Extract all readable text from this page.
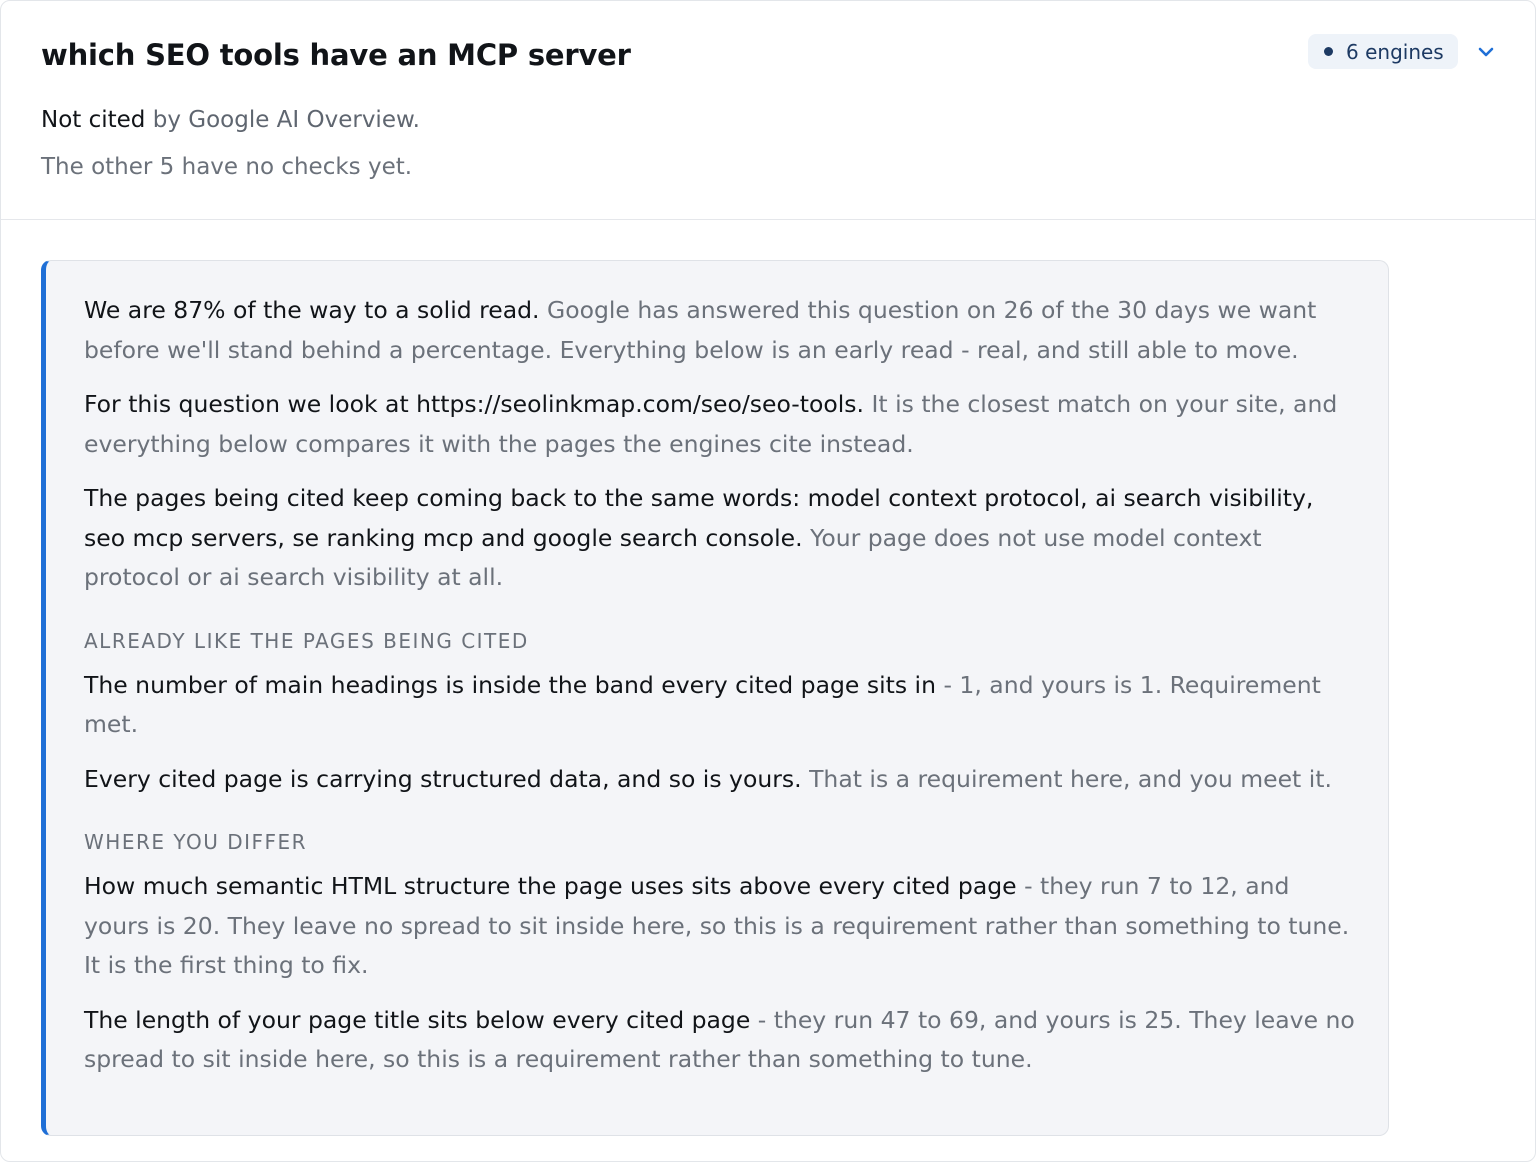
which SEO tools have an MCP server	6 engines
Not cited by Google AI Overview.
The other 5 have no checks yet.

We are 87% of the way to a solid read. Google has answered this question on 26 of the 30 days we want before we'll stand behind a percentage. Everything below is an early read - real, and still able to move.

For this question we look at https://seolinkmap.com/seo/seo-tools. It is the closest match on your site, and everything below compares it with the pages the engines cite instead.

The pages being cited keep coming back to the same words: model context protocol, ai search visibility, seo mcp servers, se ranking mcp and google search console. Your page does not use model context protocol or ai search visibility at all.

ALREADY LIKE THE PAGES BEING CITED

The number of main headings is inside the band every cited page sits in - 1, and yours is 1. Requirement met.

Every cited page is carrying structured data, and so is yours. That is a requirement here, and you meet it.

WHERE YOU DIFFER

How much semantic HTML structure the page uses sits above every cited page - they run 7 to 12, and yours is 20. They leave no spread to sit inside here, so this is a requirement rather than something to tune. It is the first thing to fix.

The length of your page title sits below every cited page - they run 47 to 69, and yours is 25. They leave no spread to sit inside here, so this is a requirement rather than something to tune.
